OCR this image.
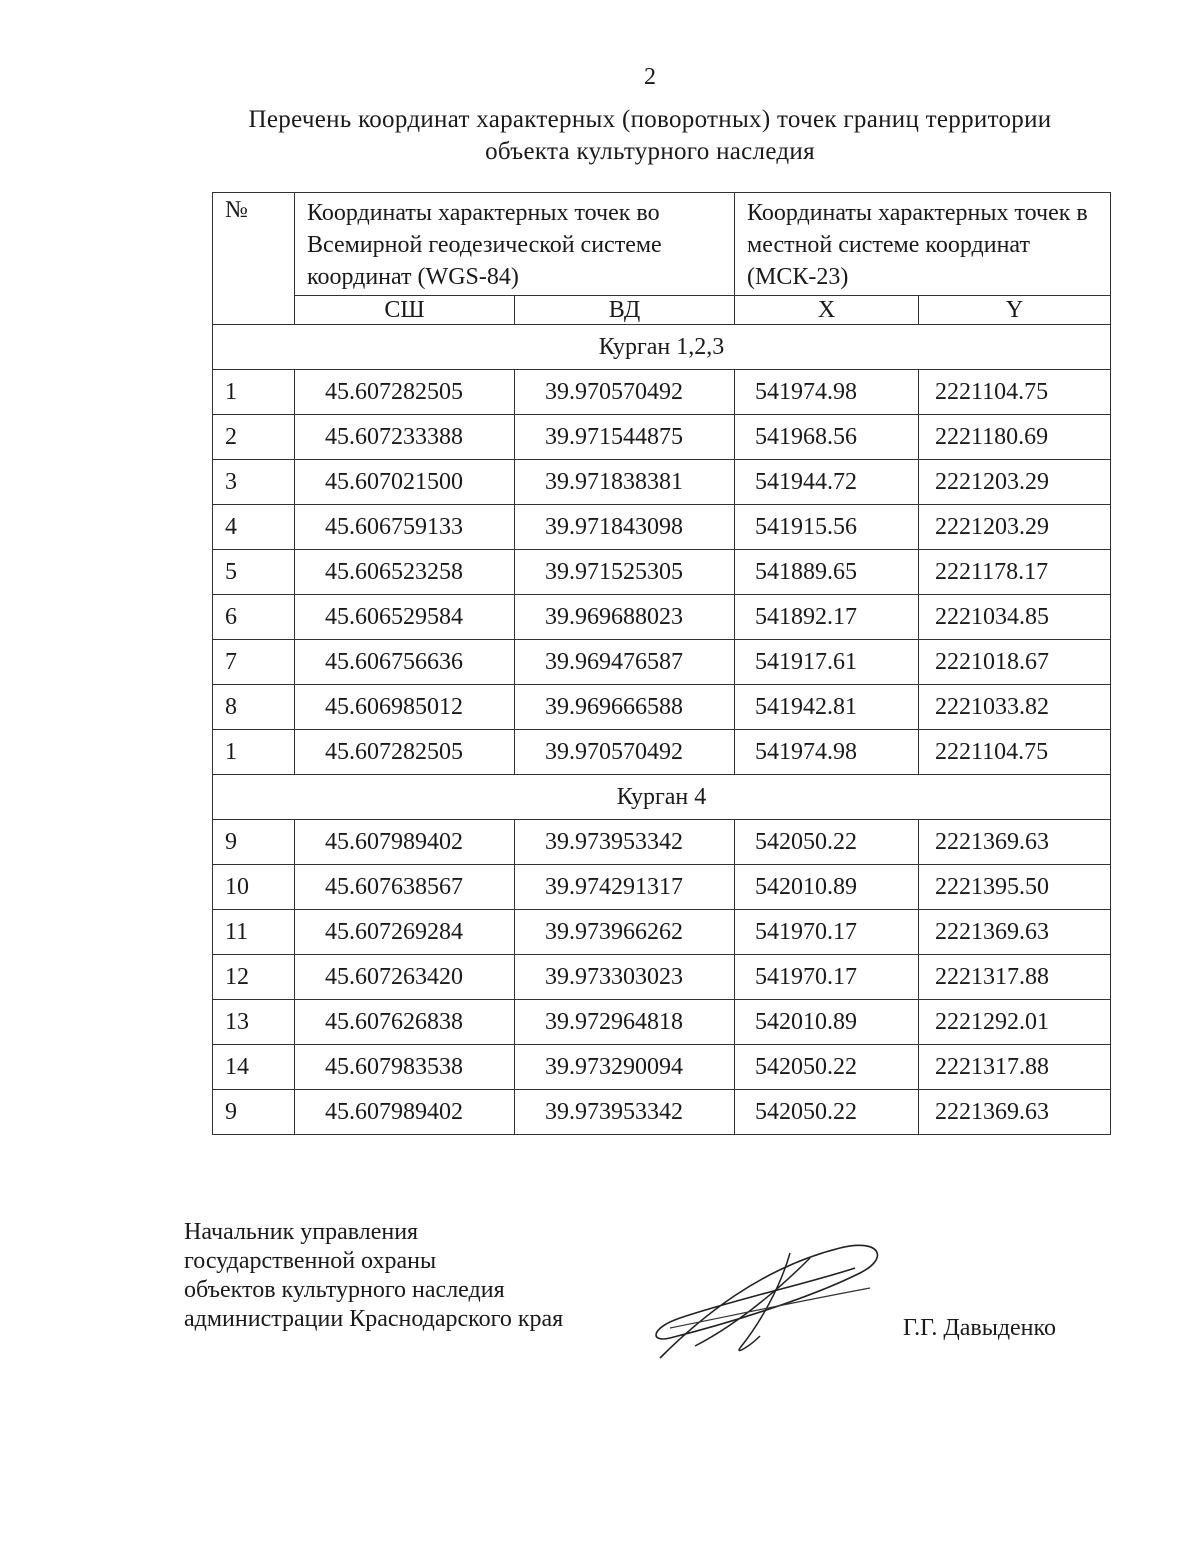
2
Перечень координат характерных (поворотных) точек границ территории
объекта культурного наследия
№	Координаты характерных точек во Всемирной геодезической системе координат (WGS-84)		Координаты характерных точек в местной системе координат (МСК-23)	
	СШ	ВД	X	Y
Курган 1,2,3				
1	45.607282505	39.970570492	541974.98	2221104.75
2	45.607233388	39.971544875	541968.56	2221180.69
3	45.607021500	39.971838381	541944.72	2221203.29
4	45.606759133	39.971843098	541915.56	2221203.29
5	45.606523258	39.971525305	541889.65	2221178.17
6	45.606529584	39.969688023	541892.17	2221034.85
7	45.606756636	39.969476587	541917.61	2221018.67
8	45.606985012	39.969666588	541942.81	2221033.82
1	45.607282505	39.970570492	541974.98	2221104.75
Курган 4				
9	45.607989402	39.973953342	542050.22	2221369.63
10	45.607638567	39.974291317	542010.89	2221395.50
11	45.607269284	39.973966262	541970.17	2221369.63
12	45.607263420	39.973303023	541970.17	2221317.88
13	45.607626838	39.972964818	542010.89	2221292.01
14	45.607983538	39.973290094	542050.22	2221317.88
9	45.607989402	39.973953342	542050.22	2221369.63
Начальник управления
государственной охраны
объектов культурного наследия
администрации Краснодарского края	Г.Г. Давыденко
